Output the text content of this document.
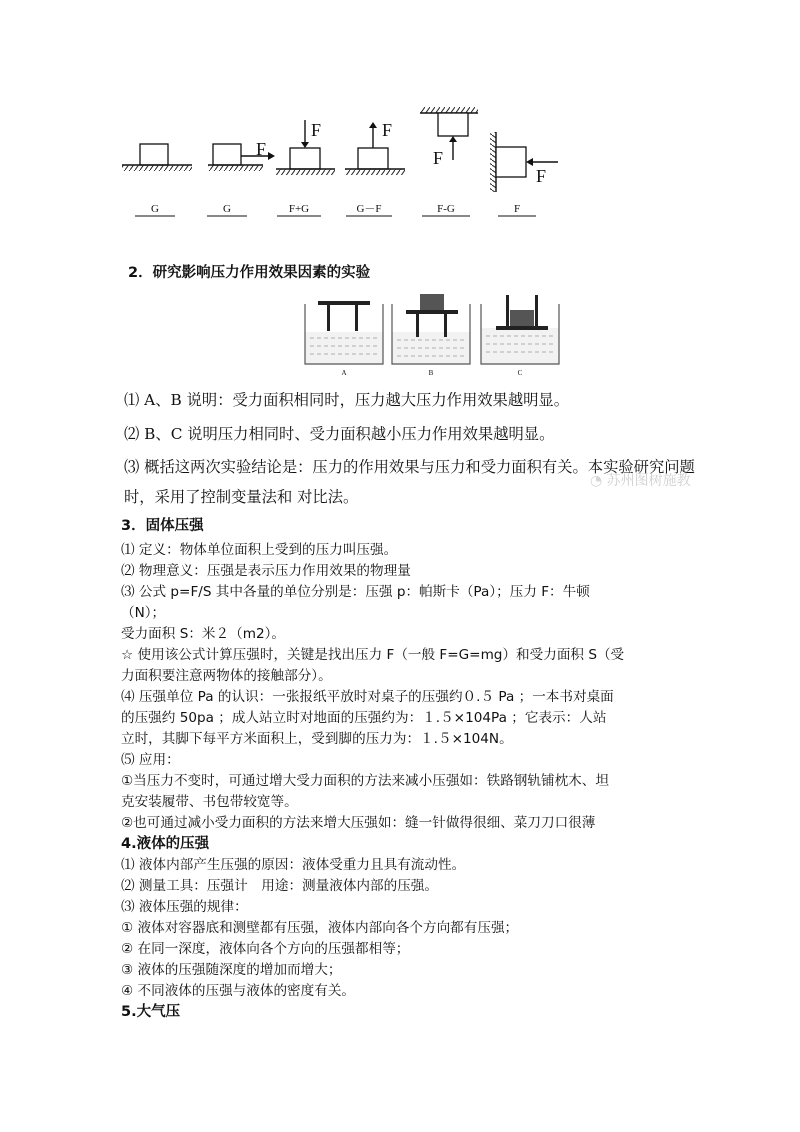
F
F	F
F
F
G	G	F+G	G－F	F-G	F
2．研究影响压力作用效果因素的实验
A	B	C
⑴ A、B 说明：受力面积相同时，压力越大压力作用效果越明显。
⑵ B、C 说明压力相同时、受力面积越小压力作用效果越明显。
⑶ 概括这两次实验结论是：压力的作用效果与压力和受力面积有关。本实验研究问题
时，采用了控制变量法和 对比法。
◔ 苏州图树施教
3．固体压强
⑴ 定义：物体单位面积上受到的压力叫压强。
⑵ 物理意义：压强是表示压力作用效果的物理量
⑶ 公式 p=F/S 其中各量的单位分别是：压强 p：帕斯卡（Pa）；压力 F：牛顿
（N）；
受力面积 S：米２（m2）。
☆ 使用该公式计算压强时，关键是找出压力 F（一般 F=G=mg）和受力面积 S（受
力面积要注意两物体的接触部分）。
⑷ 压强单位 Pa 的认识：一张报纸平放时对桌子的压强约０.５ Pa ；一本书对桌面
的压强约 50pa ；成人站立时对地面的压强约为：１.５×104Pa ；它表示：人站
立时，其脚下每平方米面积上，受到脚的压力为：１.５×104N。
⑸ 应用：
①当压力不变时，可通过增大受力面积的方法来减小压强如：铁路钢轨铺枕木、坦
克安装履带、书包带较宽等。
②也可通过减小受力面积的方法来增大压强如：缝一针做得很细、菜刀刀口很薄
4.液体的压强
⑴ 液体内部产生压强的原因：液体受重力且具有流动性。
⑵ 测量工具：压强计　用途：测量液体内部的压强。
⑶ 液体压强的规律：
① 液体对容器底和测壁都有压强，液体内部向各个方向都有压强；
② 在同一深度，液体向各个方向的压强都相等；
③ 液体的压强随深度的增加而增大；
④ 不同液体的压强与液体的密度有关。
5.大气压
